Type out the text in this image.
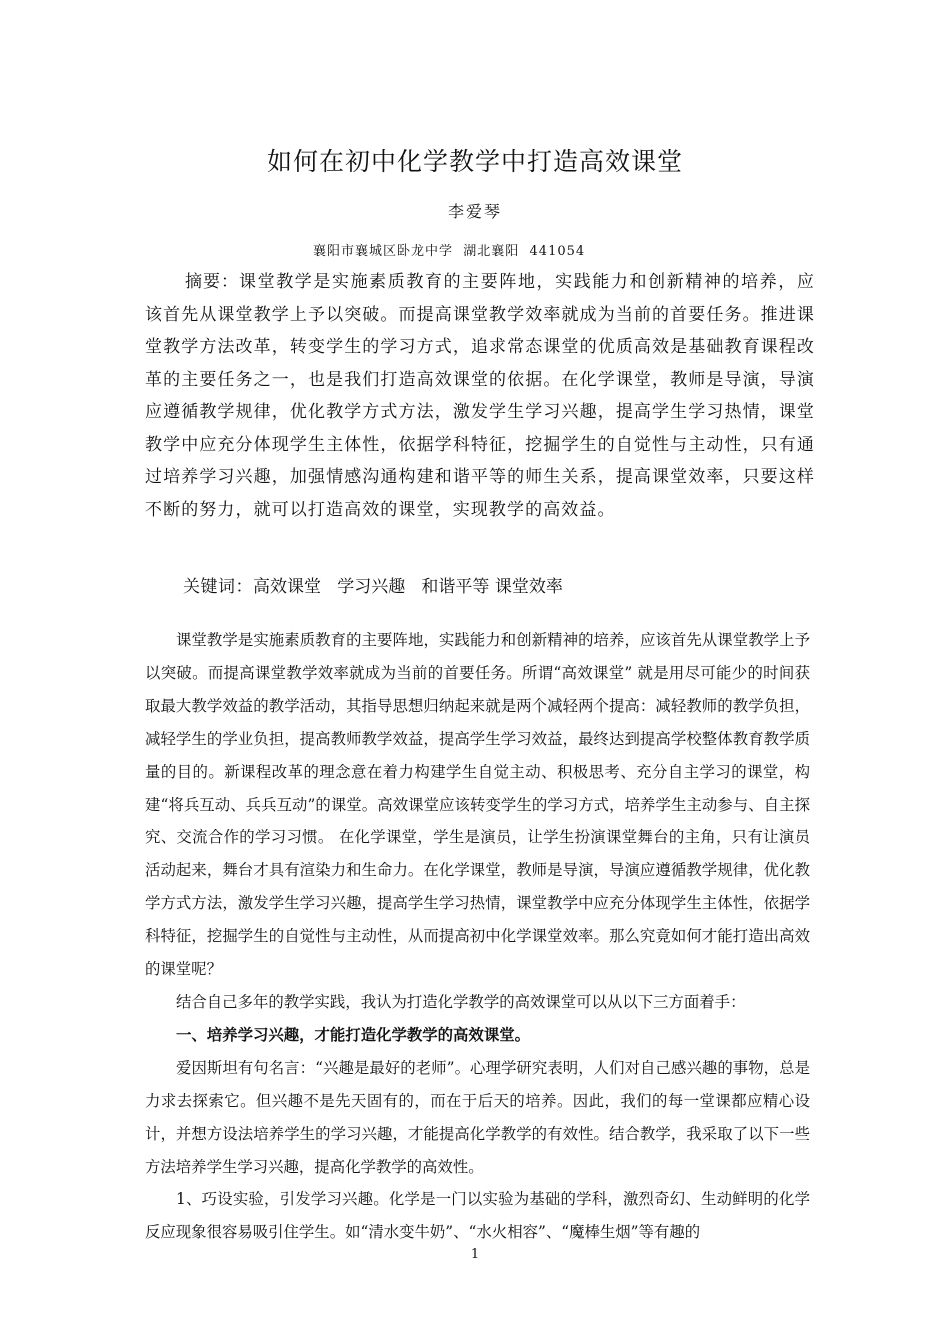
如何在初中化学教学中打造高效课堂
李爱琴
襄阳市襄城区卧龙中学  湖北襄阳  441054
摘要：课堂教学是实施素质教育的主要阵地，实践能力和创新精神的培养，应该首先从课堂教学上予以突破。而提高课堂教学效率就成为当前的首要任务。推进课堂教学方法改革，转变学生的学习方式，追求常态课堂的优质高效是基础教育课程改革的主要任务之一，也是我们打造高效课堂的依据。在化学课堂，教师是导演，导演应遵循教学规律，优化教学方式方法，激发学生学习兴趣，提高学生学习热情，课堂教学中应充分体现学生主体性，依据学科特征，挖掘学生的自觉性与主动性，只有通过培养学习兴趣，加强情感沟通构建和谐平等的师生关系，提高课堂效率，只要这样不断的努力，就可以打造高效的课堂，实现教学的高效益。
关键词：高效课堂   学习兴趣   和谐平等 课堂效率

课堂教学是实施素质教育的主要阵地，实践能力和创新精神的培养，应该首先从课堂教学上予以突破。而提高课堂教学效率就成为当前的首要任务。所谓“高效课堂” 就是用尽可能少的时间获取最大教学效益的教学活动，其指导思想归纳起来就是两个减轻两个提高：减轻教师的教学负担，减轻学生的学业负担，提高教师教学效益，提高学生学习效益，最终达到提高学校整体教育教学质量的目的。新课程改革的理念意在着力构建学生自觉主动、积极思考、充分自主学习的课堂，构建“将兵互动、兵兵互动”的课堂。高效课堂应该转变学生的学习方式，培养学生主动参与、自主探究、交流合作的学习习惯。 在化学课堂，学生是演员，让学生扮演课堂舞台的主角，只有让演员活动起来，舞台才具有渲染力和生命力。在化学课堂，教师是导演，导演应遵循教学规律，优化教学方式方法，激发学生学习兴趣，提高学生学习热情，课堂教学中应充分体现学生主体性，依据学科特征，挖掘学生的自觉性与主动性，从而提高初中化学课堂效率。那么究竟如何才能打造出高效的课堂呢？

结合自己多年的教学实践，我认为打造化学教学的高效课堂可以从以下三方面着手：

一、培养学习兴趣，才能打造化学教学的高效课堂。

爱因斯坦有句名言：“兴趣是最好的老师”。心理学研究表明，人们对自己感兴趣的事物，总是力求去探索它。但兴趣不是先天固有的，而在于后天的培养。因此，我们的每一堂课都应精心设计，并想方设法培养学生的学习兴趣，才能提高化学教学的有效性。结合教学，我采取了以下一些方法培养学生学习兴趣，提高化学教学的高效性。

1、巧设实验，引发学习兴趣。化学是一门以实验为基础的学科，激烈奇幻、生动鲜明的化学反应现象很容易吸引住学生。如“清水变牛奶”、“水火相容”、“魔棒生烟”等有趣的

1
